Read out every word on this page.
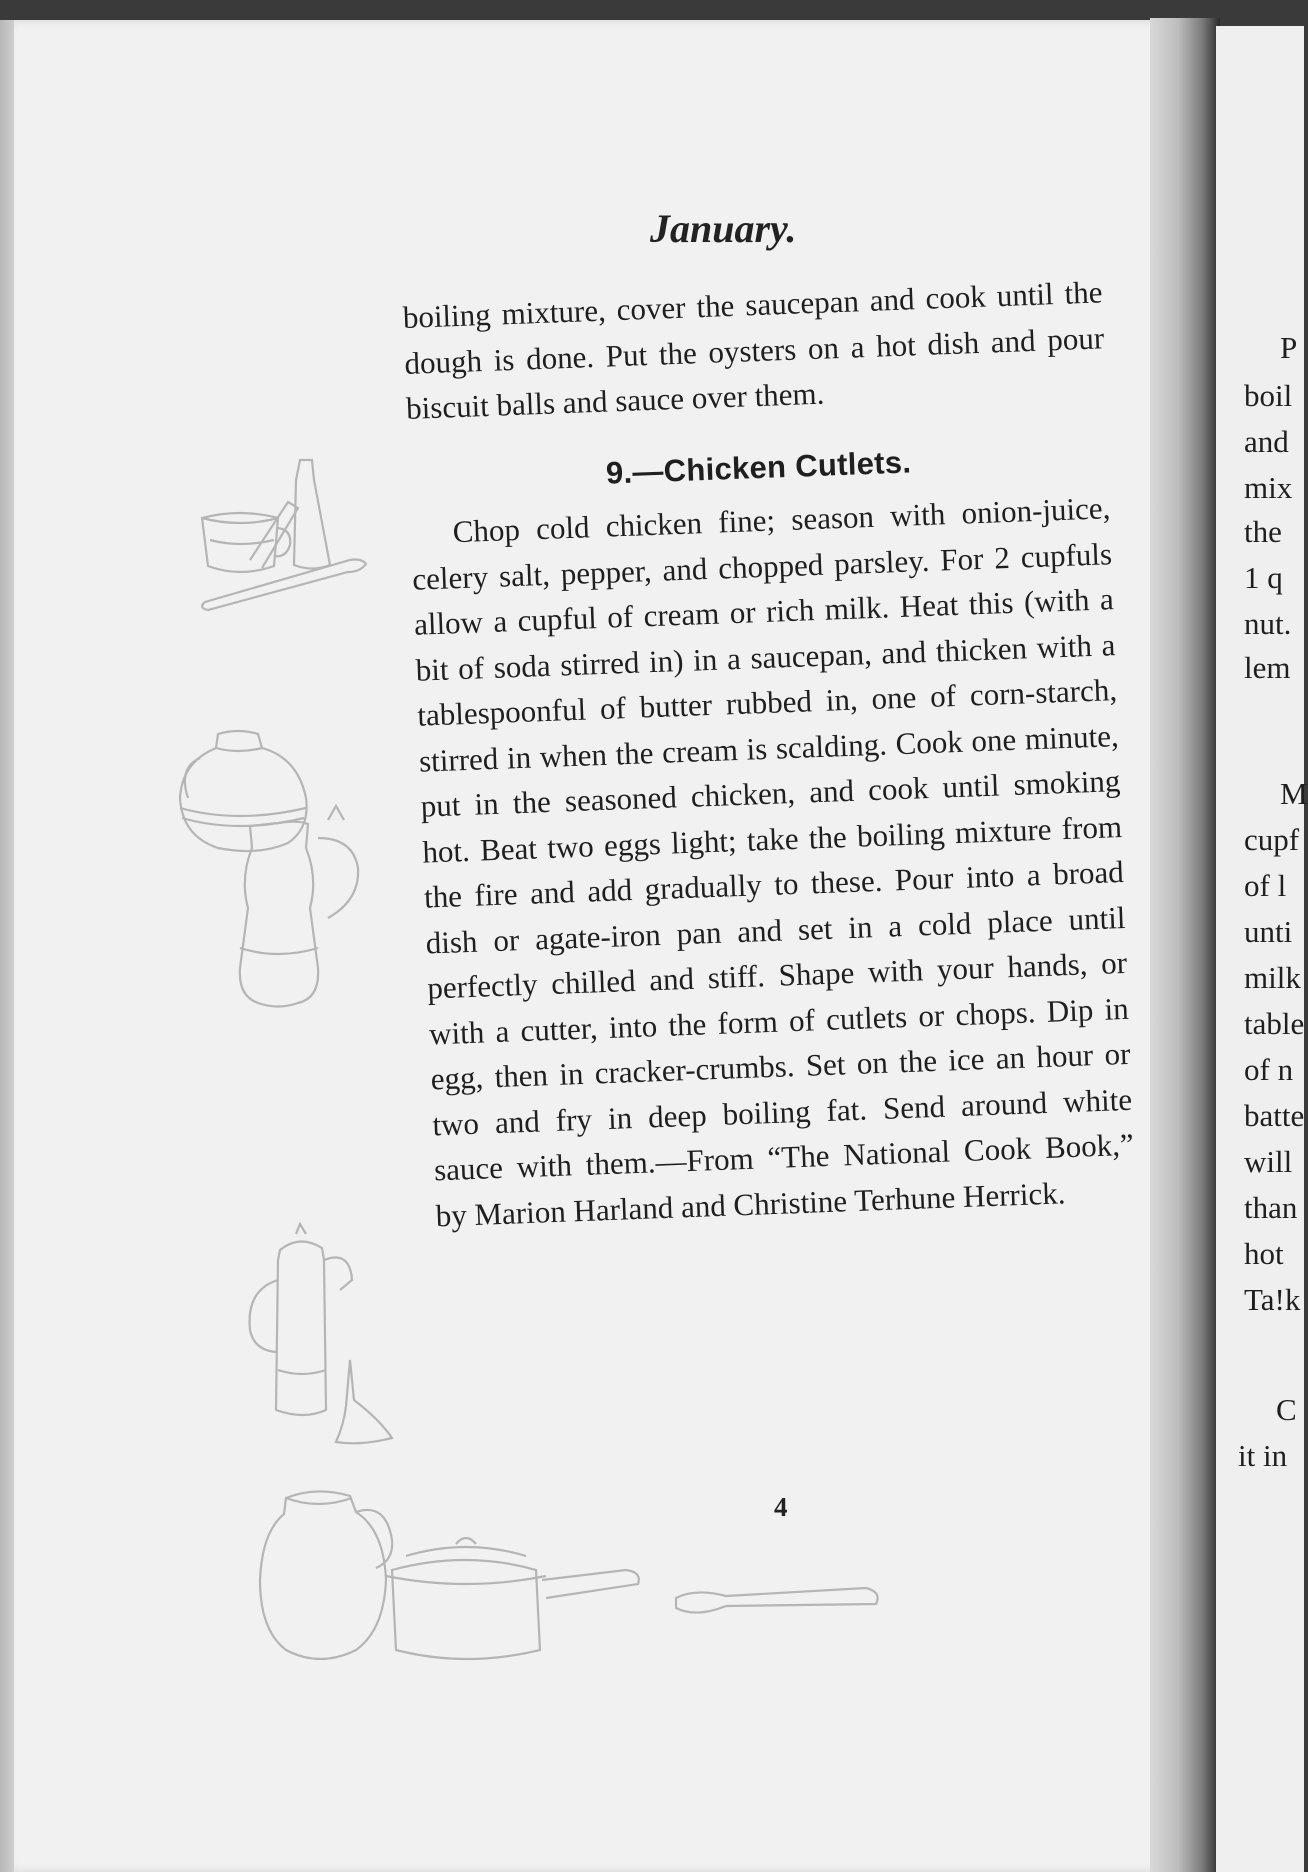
P
boil
and
mix
the
1 q
nut.
lem
M
cupf
of l
unti
milk
table
of n
batte
will
than
hot
Ta!k
C
it in
January.

boiling mixture, cover the saucepan and cook until the dough is done. Put the oysters on a hot dish and pour biscuit balls and sauce over them.

9.—Chicken Cutlets.

Chop cold chicken fine; season with onion-juice, celery salt, pepper, and chopped parsley. For 2 cupfuls allow a cupful of cream or rich milk. Heat this (with a bit of soda stirred in) in a saucepan, and thicken with a tablespoonful of butter rubbed in, one of corn-starch, stirred in when the cream is scalding. Cook one minute, put in the seasoned chicken, and cook until smoking hot. Beat two eggs light; take the boiling mixture from the fire and add gradually to these. Pour into a broad dish or agate-iron pan and set in a cold place until perfectly chilled and stiff. Shape with your hands, or with a cutter, into the form of cutlets or chops. Dip in egg, then in cracker-crumbs. Set on the ice an hour or two and fry in deep boiling fat. Send around white sauce with them.—From “The National Cook Book,” by Marion Harland and Christine Terhune Herrick.

4
